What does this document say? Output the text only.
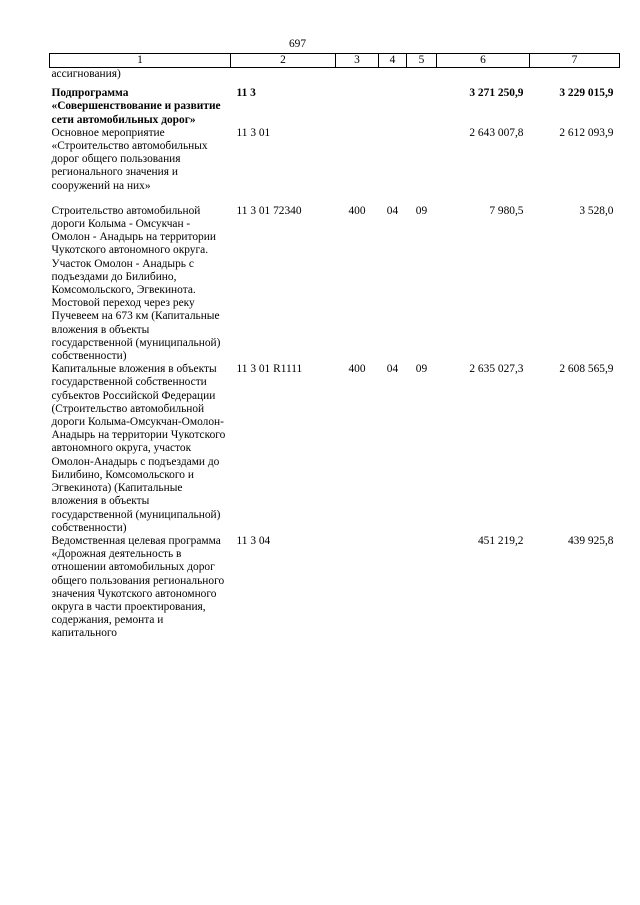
697
1	2	3	4	5	6	7
ассигнования)						
Подпрограмма «Совершенствование и развитие сети автомобильных дорог»	11 3				3 271 250,9	3 229 015,9
Основное мероприятие «Строительство автомобильных дорог общего пользования регионального значения и сооружений на них»	11 3 01				2 643 007,8	2 612 093,9
Строительство автомобильной дороги Колыма - Омсукчан - Омолон - Анадырь на территории Чукотского автономного округа. Участок Омолон - Анадырь с подъездами до Билибино, Комсомольского, Эгвекинота. Мостовой переход через реку Пучевеем на 673 км (Капитальные вложения в объекты государственной (муниципальной) собственности)	11 3 01 72340	400	04	09	7 980,5	3 528,0
Капитальные вложения в объекты государственной собственности субъектов Российской Федерации (Строительство автомобильной дороги Колыма-Омсукчан-Омолон-Анадырь на территории Чукотского автономного округа, участок Омолон-Анадырь с подъездами до Билибино, Комсомольского и Эгвекинота) (Капитальные вложения в объекты государственной (муниципальной) собственности)	11 3 01 R1111	400	04	09	2 635 027,3	2 608 565,9
Ведомственная целевая программа «Дорожная деятельность в отношении автомобильных дорог общего пользования регионального значения Чукотского автономного округа в части проектирования, содержания, ремонта и капитального	11 3 04				451 219,2	439 925,8
